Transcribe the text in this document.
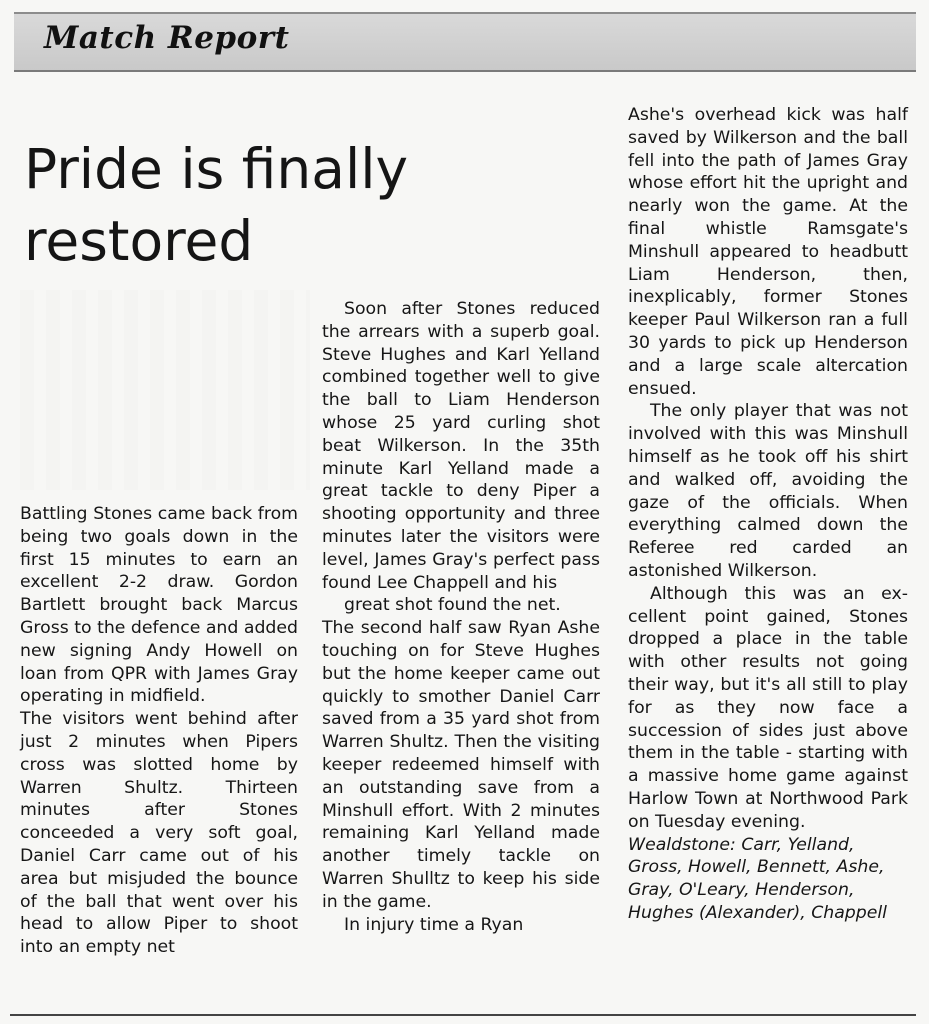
Match Report
Pride is finally restored

Battling Stones came back from being two goals down in the first 15 minutes to earn an excellent 2-2 draw. Gordon Bartlett brought back Marcus Gross to the defence and added new signing Andy Howell on loan from QPR with James Gray operating in midfield.

The visitors went behind after just 2 minutes when Pipers cross was slotted home by Warren Shultz. Thirteen minutes after Stones conceeded a very soft goal, Daniel Carr came out of his area but misjuded the bounce of the ball that went over his head to allow Piper to shoot into an empty net

Soon after Stones reduced the arrears with a superb goal. Steve Hughes and Karl Yelland combined together well to give the ball to Liam Henderson whose 25 yard curling shot beat Wilkerson. In the 35th minute Karl Yelland made a great tackle to deny Piper a shooting opportunity and three minutes later the visitors were level, James Gray's perfect pass found Lee Chappell and his

great shot found the net.

The second half saw Ryan Ashe touching on for Steve Hughes but the home keeper came out quickly to smother Daniel Carr saved from a 35 yard shot from Warren Shultz. Then the visiting keeper redeemed himself with an outstanding save from a Minshull effort. With 2 minutes remaining Karl Yelland made another timely tackle on Warren Shulltz to keep his side in the game.

In injury time a Ryan

Ashe's overhead kick was half saved by Wilkerson and the ball fell into the path of James Gray whose effort hit the upright and nearly won the game. At the final whistle Ramsgate's Minshull appeared to headbutt Liam Henderson, then, inexplicably, former Stones keeper Paul Wilkerson ran a full 30 yards to pick up Henderson and a large scale altercation ensued.

The only player that was not involved with this was Minshull himself as he took off his shirt and walked off, avoiding the gaze of the officials. When everything calmed down the Referee red carded an astonished Wilkerson.

Although this was an excellent point gained, Stones dropped a place in the table with other results not going their way, but it's all still to play for as they now face a succession of sides just above them in the table - starting with a massive home game against Harlow Town at Northwood Park on Tuesday evening.

Wealdstone: Carr, Yelland, Gross, Howell, Bennett, Ashe, Gray, O'Leary, Henderson, Hughes (Alexander), Chappell
